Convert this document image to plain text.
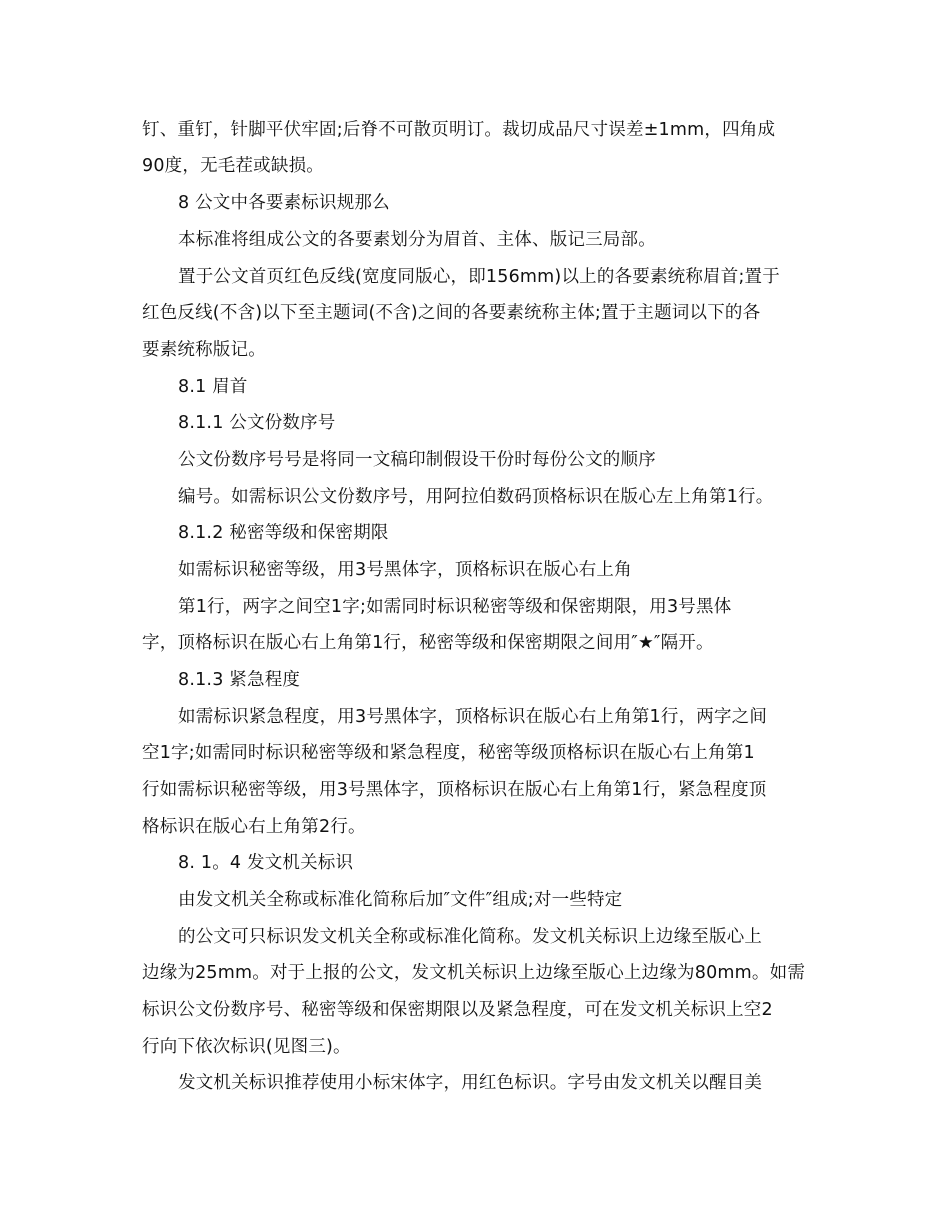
钉、重钉，针脚平伏牢固;后脊不可散页明订。裁切成品尺寸误差±1mm，四角成
90度，无毛茬或缺损。
8 公文中各要素标识规那么
本标准将组成公文的各要素划分为眉首、主体、版记三局部。
置于公文首页红色反线(宽度同版心，即156mm)以上的各要素统称眉首;置于
红色反线(不含)以下至主题词(不含)之间的各要素统称主体;置于主题词以下的各
要素统称版记。
8.1 眉首
8.1.1 公文份数序号
公文份数序号号是将同一文稿印制假设干份时每份公文的顺序
编号。如需标识公文份数序号，用阿拉伯数码顶格标识在版心左上角第1行。
8.1.2 秘密等级和保密期限
如需标识秘密等级，用3号黑体字，顶格标识在版心右上角
第1行，两字之间空1字;如需同时标识秘密等级和保密期限，用3号黑体
字，顶格标识在版心右上角第1行，秘密等级和保密期限之间用″★″隔开。
8.1.3 紧急程度
如需标识紧急程度，用3号黑体字，顶格标识在版心右上角第1行，两字之间
空1字;如需同时标识秘密等级和紧急程度，秘密等级顶格标识在版心右上角第1
行如需标识秘密等级，用3号黑体字，顶格标识在版心右上角第1行，紧急程度顶
格标识在版心右上角第2行。
8. 1。4 发文机关标识
由发文机关全称或标准化简称后加″文件″组成;对一些特定
的公文可只标识发文机关全称或标准化简称。发文机关标识上边缘至版心上
边缘为25mm。对于上报的公文，发文机关标识上边缘至版心上边缘为80mm。如需
标识公文份数序号、秘密等级和保密期限以及紧急程度，可在发文机关标识上空2
行向下依次标识(见图三)。
发文机关标识推荐使用小标宋体字，用红色标识。字号由发文机关以醒目美
